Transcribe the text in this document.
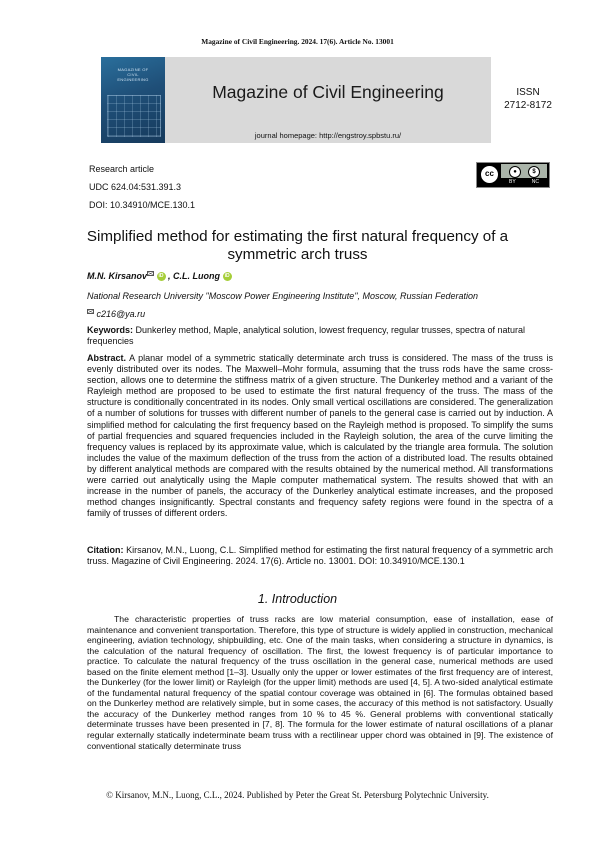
Magazine of Civil Engineering. 2024. 17(6). Article No. 13001
MAGAZINE OF CIVIL ENGINEERING
Magazine of Civil Engineering
journal homepage: http://engstroy.spbstu.ru/
ISSN
2712-8172
Research article
UDC 624.04:531.391.3
DOI: 10.34910/MCE.130.1
cc	●	$
BY	NC
Simplified method for estimating the first natural frequency of a symmetric arch truss
M.N. Kirsanov iD , C.L. Luong iD
National Research University "Moscow Power Engineering Institute", Moscow, Russian Federation
c216@ya.ru
Keywords: Dunkerley method, Maple, analytical solution, lowest frequency, regular trusses, spectra of natural frequencies
Abstract. A planar model of a symmetric statically determinate arch truss is considered. The mass of the truss is evenly distributed over its nodes. The Maxwell–Mohr formula, assuming that the truss rods have the same cross-section, allows one to determine the stiffness matrix of a given structure. The Dunkerley method and a variant of the Rayleigh method are proposed to be used to estimate the first natural frequency of the truss. The mass of the structure is conditionally concentrated in its nodes. Only small vertical oscillations are considered. The generalization of a number of solutions for trusses with different number of panels to the general case is carried out by induction. A simplified method for calculating the first frequency based on the Rayleigh method is proposed. To simplify the sums of partial frequencies and squared frequencies included in the Rayleigh solution, the area of the curve limiting the frequency values is replaced by its approximate value, which is calculated by the triangle area formula. The solution includes the value of the maximum deflection of the truss from the action of a distributed load. The results obtained by different analytical methods are compared with the results obtained by the numerical method. All transformations were carried out analytically using the Maple computer mathematical system. The results showed that with an increase in the number of panels, the accuracy of the Dunkerley analytical estimate increases, and the proposed method changes insignificantly. Spectral constants and frequency safety regions were found in the spectra of a family of trusses of different orders.
Citation: Kirsanov, M.N., Luong, C.L. Simplified method for estimating the first natural frequency of a symmetric arch truss. Magazine of Civil Engineering. 2024. 17(6). Article no. 13001. DOI: 10.34910/MCE.130.1
1. Introduction
The characteristic properties of truss racks are low material consumption, ease of installation, ease of maintenance and convenient transportation. Therefore, this type of structure is widely applied in construction, mechanical engineering, aviation technology, shipbuilding, etc. One of the main tasks, when considering a structure in dynamics, is the calculation of the natural frequency of oscillation. The first, the lowest frequency is of particular importance to practice. To calculate the natural frequency of the truss oscillation in the general case, numerical methods are used based on the finite element method [1–3]. Usually only the upper or lower estimates of the first frequency are of interest, the Dunkerley (for the lower limit) or Rayleigh (for the upper limit) methods are used [4, 5]. A two-sided analytical estimate of the fundamental natural frequency of the spatial contour coverage was obtained in [6]. The formulas obtained based on the Dunkerley method are relatively simple, but in some cases, the accuracy of this method is not satisfactory. Usually the accuracy of the Dunkerley method ranges from 10 % to 45 %. General problems with conventional statically determinate trusses have been presented in [7, 8]. The formula for the lower estimate of natural oscillations of a planar regular externally statically indeterminate beam truss with a rectilinear upper chord was obtained in [9]. The existence of conventional statically determinate truss
© Kirsanov, M.N., Luong, C.L., 2024. Published by Peter the Great St. Petersburg Polytechnic University.
